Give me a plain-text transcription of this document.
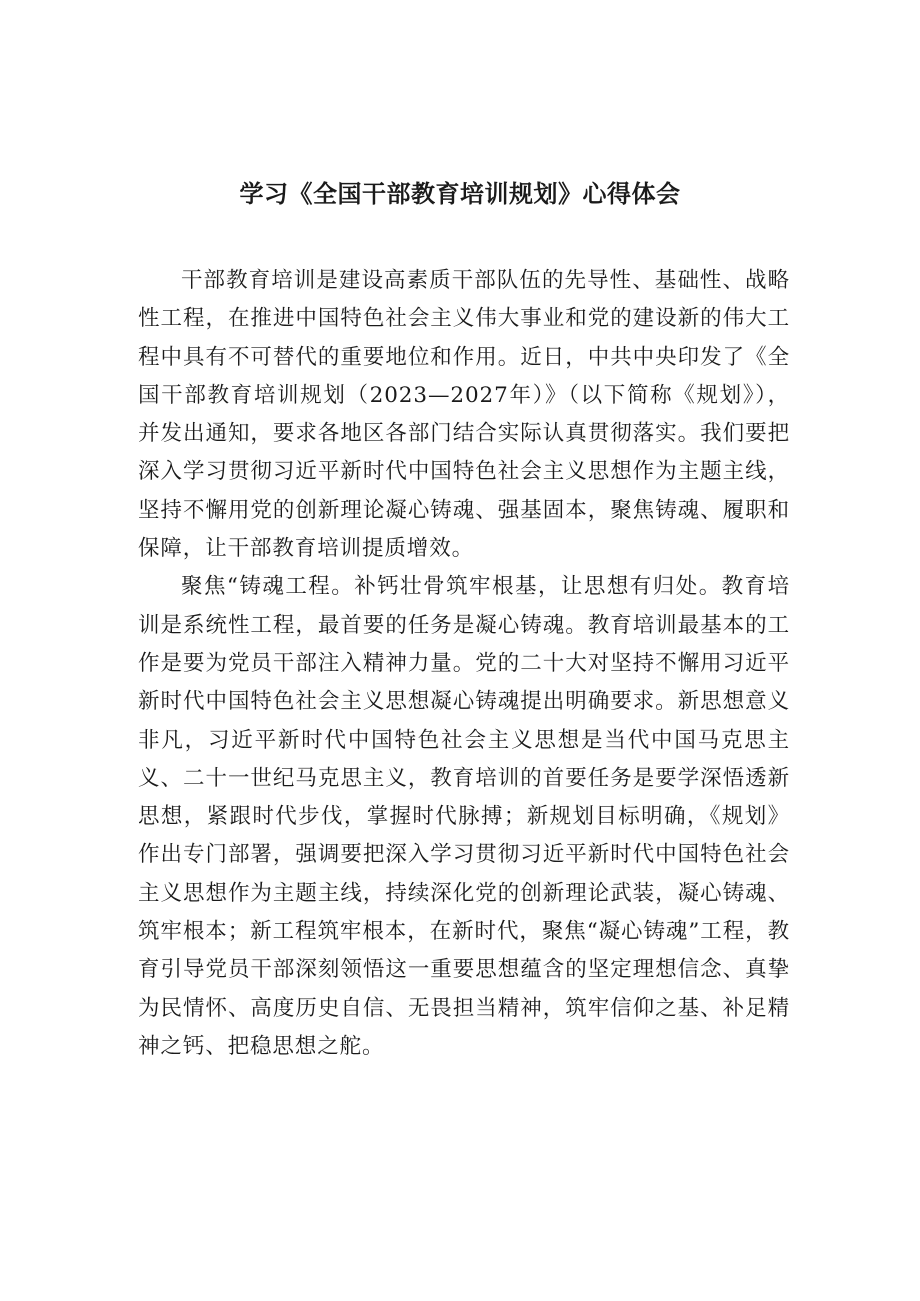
学习《全国干部教育培训规划》心得体会

干部教育培训是建设高素质干部队伍的先导性、基础性、战略性工程，在推进中国特色社会主义伟大事业和党的建设新的伟大工程中具有不可替代的重要地位和作用。近日，中共中央印发了《全国干部教育培训规划（2023—2027年）》（以下简称《规划》），并发出通知，要求各地区各部门结合实际认真贯彻落实。我们要把深入学习贯彻习近平新时代中国特色社会主义思想作为主题主线，坚持不懈用党的创新理论凝心铸魂、强基固本，聚焦铸魂、履职和保障，让干部教育培训提质增效。

聚焦“铸魂工程。补钙壮骨筑牢根基，让思想有归处。教育培训是系统性工程，最首要的任务是凝心铸魂。教育培训最基本的工作是要为党员干部注入精神力量。党的二十大对坚持不懈用习近平新时代中国特色社会主义思想凝心铸魂提出明确要求。新思想意义非凡，习近平新时代中国特色社会主义思想是当代中国马克思主义、二十一世纪马克思主义，教育培训的首要任务是要学深悟透新思想，紧跟时代步伐，掌握时代脉搏；新规划目标明确，《规划》作出专门部署，强调要把深入学习贯彻习近平新时代中国特色社会主义思想作为主题主线，持续深化党的创新理论武装，凝心铸魂、筑牢根本；新工程筑牢根本，在新时代，聚焦“凝心铸魂”工程，教育引导党员干部深刻领悟这一重要思想蕴含的坚定理想信念、真挚为民情怀、高度历史自信、无畏担当精神，筑牢信仰之基、补足精神之钙、把稳思想之舵。
